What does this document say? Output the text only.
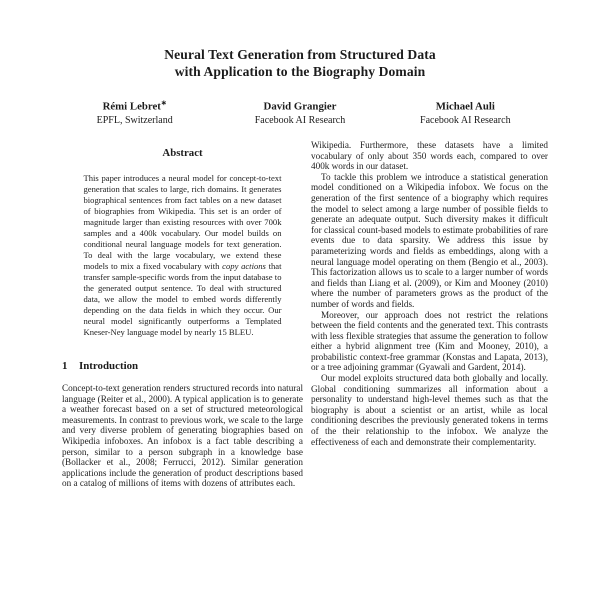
Neural Text Generation from Structured Data
with Application to the Biography Domain
Rémi Lebret∗
EPFL, Switzerland
David Grangier
Facebook AI Research
Michael Auli
Facebook AI Research
Abstract
This paper introduces a neural model for concept-to-text generation that scales to large, rich domains. It generates biographical sentences from fact tables on a new dataset of biographies from Wikipedia. This set is an order of magnitude larger than existing resources with over 700k samples and a 400k vocabulary. Our model builds on conditional neural language models for text generation. To deal with the large vocabulary, we extend these models to mix a fixed vocabulary with copy actions that transfer sample-specific words from the input database to the generated output sentence. To deal with structured data, we allow the model to embed words differently depending on the data fields in which they occur. Our neural model significantly outperforms a Templated Kneser-Ney language model by nearly 15 BLEU.
1 Introduction

Concept-to-text generation renders structured records into natural language (Reiter et al., 2000). A typical application is to generate a weather forecast based on a set of structured meteorological measurements. In contrast to previous work, we scale to the large and very diverse problem of generating biographies based on Wikipedia infoboxes. An infobox is a fact table describing a person, similar to a person subgraph in a knowledge base (Bollacker et al., 2008; Ferrucci, 2012). Similar generation applications include the generation of product descriptions based on a catalog of millions of items with dozens of attributes each.

Wikipedia. Furthermore, these datasets have a limited vocabulary of only about 350 words each, compared to over 400k words in our dataset.

To tackle this problem we introduce a statistical generation model conditioned on a Wikipedia infobox. We focus on the generation of the first sentence of a biography which requires the model to select among a large number of possible fields to generate an adequate output. Such diversity makes it difficult for classical count-based models to estimate probabilities of rare events due to data sparsity. We address this issue by parameterizing words and fields as embeddings, along with a neural language model operating on them (Bengio et al., 2003). This factorization allows us to scale to a larger number of words and fields than Liang et al. (2009), or Kim and Mooney (2010) where the number of parameters grows as the product of the number of words and fields.

Moreover, our approach does not restrict the relations between the field contents and the generated text. This contrasts with less flexible strategies that assume the generation to follow either a hybrid alignment tree (Kim and Mooney, 2010), a probabilistic context-free grammar (Konstas and Lapata, 2013), or a tree adjoining grammar (Gyawali and Gardent, 2014).

Our model exploits structured data both globally and locally. Global conditioning summarizes all information about a personality to understand high-level themes such as that the biography is about a scientist or an artist, while as local conditioning describes the previously generated tokens in terms of the their relationship to the infobox. We analyze the effectiveness of each and demonstrate their complementarity.
